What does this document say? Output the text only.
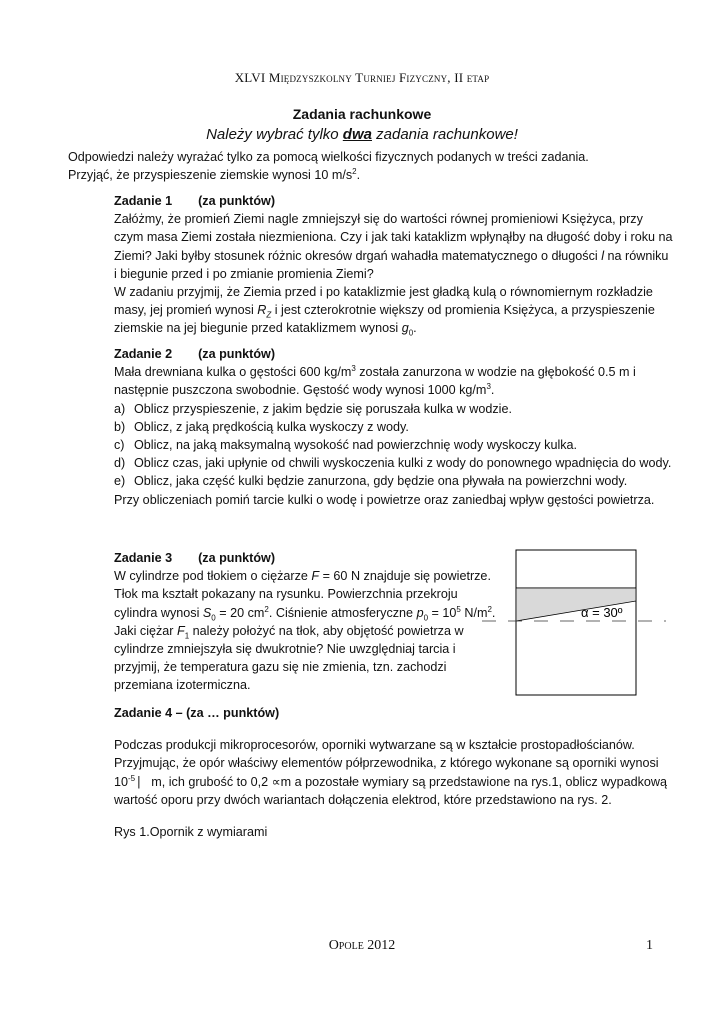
XLVI Międzyszkolny Turniej Fizyczny, II etap
Zadania rachunkowe
Należy wybrać tylko dwa zadania rachunkowe!
Odpowiedzi należy wyrażać tylko za pomocą wielkości fizycznych podanych w treści zadania.
Przyjąć, że przyspieszenie ziemskie wynosi 10 $m/s^2$.
Zadanie 1 (za punktów)
Załóżmy, że promień Ziemi nagle zmniejszył się do wartości równej promieniowi Księżyca, przy czym masa Ziemi została niezmieniona. Czy i jak taki kataklizm wpłynąłby na długość doby i roku na Ziemi? Jaki byłby stosunek różnic okresów drgań wahadła matematycznego o długości l na równiku i biegunie przed i po zmianie promienia Ziemi?
W zadaniu przyjmij, że Ziemia przed i po kataklizmie jest gładką kulą o równomiernym rozkładzie masy, jej promień wynosi $R_Z$ i jest czterokrotnie większy od promienia Księżyca, a przyspieszenie ziemskie na jej biegunie przed kataklizmem wynosi $g_0$.
Zadanie 2 (za punktów)
Mała drewniana kulka o gęstości 600 $kg/m^3$ została zanurzona w wodzie na głębokość 0.5 m i następnie puszczona swobodnie. Gęstość wody wynosi 1000 $kg/m^3$.
a) Oblicz przyspieszenie, z jakim będzie się poruszała kulka w wodzie.
b) Oblicz, z jaką prędkością kulka wyskoczy z wody.
c) Oblicz, na jaką maksymalną wysokość nad powierzchnię wody wyskoczy kulka.
d) Oblicz czas, jaki upłynie od chwili wyskoczenia kulki z wody do ponownego wpadnięcia do wody.
e) Oblicz, jaka część kulki będzie zanurzona, gdy będzie ona pływała na powierzchni wody.
Przy obliczeniach pomiń tarcie kulki o wodę i powietrze oraz zaniedbaj wpływ gęstości powietrza.
Zadanie 3 (za punktów)
W cylindrze pod tłokiem o ciężarze F = 60 N znajduje się powietrze. Tłok ma kształt pokazany na rysunku. Powierzchnia przekroju cylindra wynosi $S_0 = 20$ $cm^2$. Ciśnienie atmosferyczne $p_0 = 10^5$ $N/m^2$. Jaki ciężar $F_1$ należy położyć na tłok, aby objętość powietrza w cylindrze zmniejszyła się dwukrotnie? Nie uwzględniaj tarcia i przyjmij, że temperatura gazu się nie zmienia, tzn. zachodzi przemiana izotermiczna.
α = 30º
Zadanie 4 – (za … punktów)

Podczas produkcji mikroprocesorów, oporniki wytwarzane są w kształcie prostopadłościanów. Przyjmując, że opór właściwy elementów półprzewodnika, z którego wykonane są oporniki wynosi $10^{-5}$ ⎸m, ich grubość to 0,2 ∝m a pozostałe wymiary są przedstawione na rys.1, oblicz wypadkową wartość oporu przy dwóch wariantach dołączenia elektrod, które przedstawiono na rys. 2.

Rys 1.Opornik z wymiarami

Opole 2012	1
